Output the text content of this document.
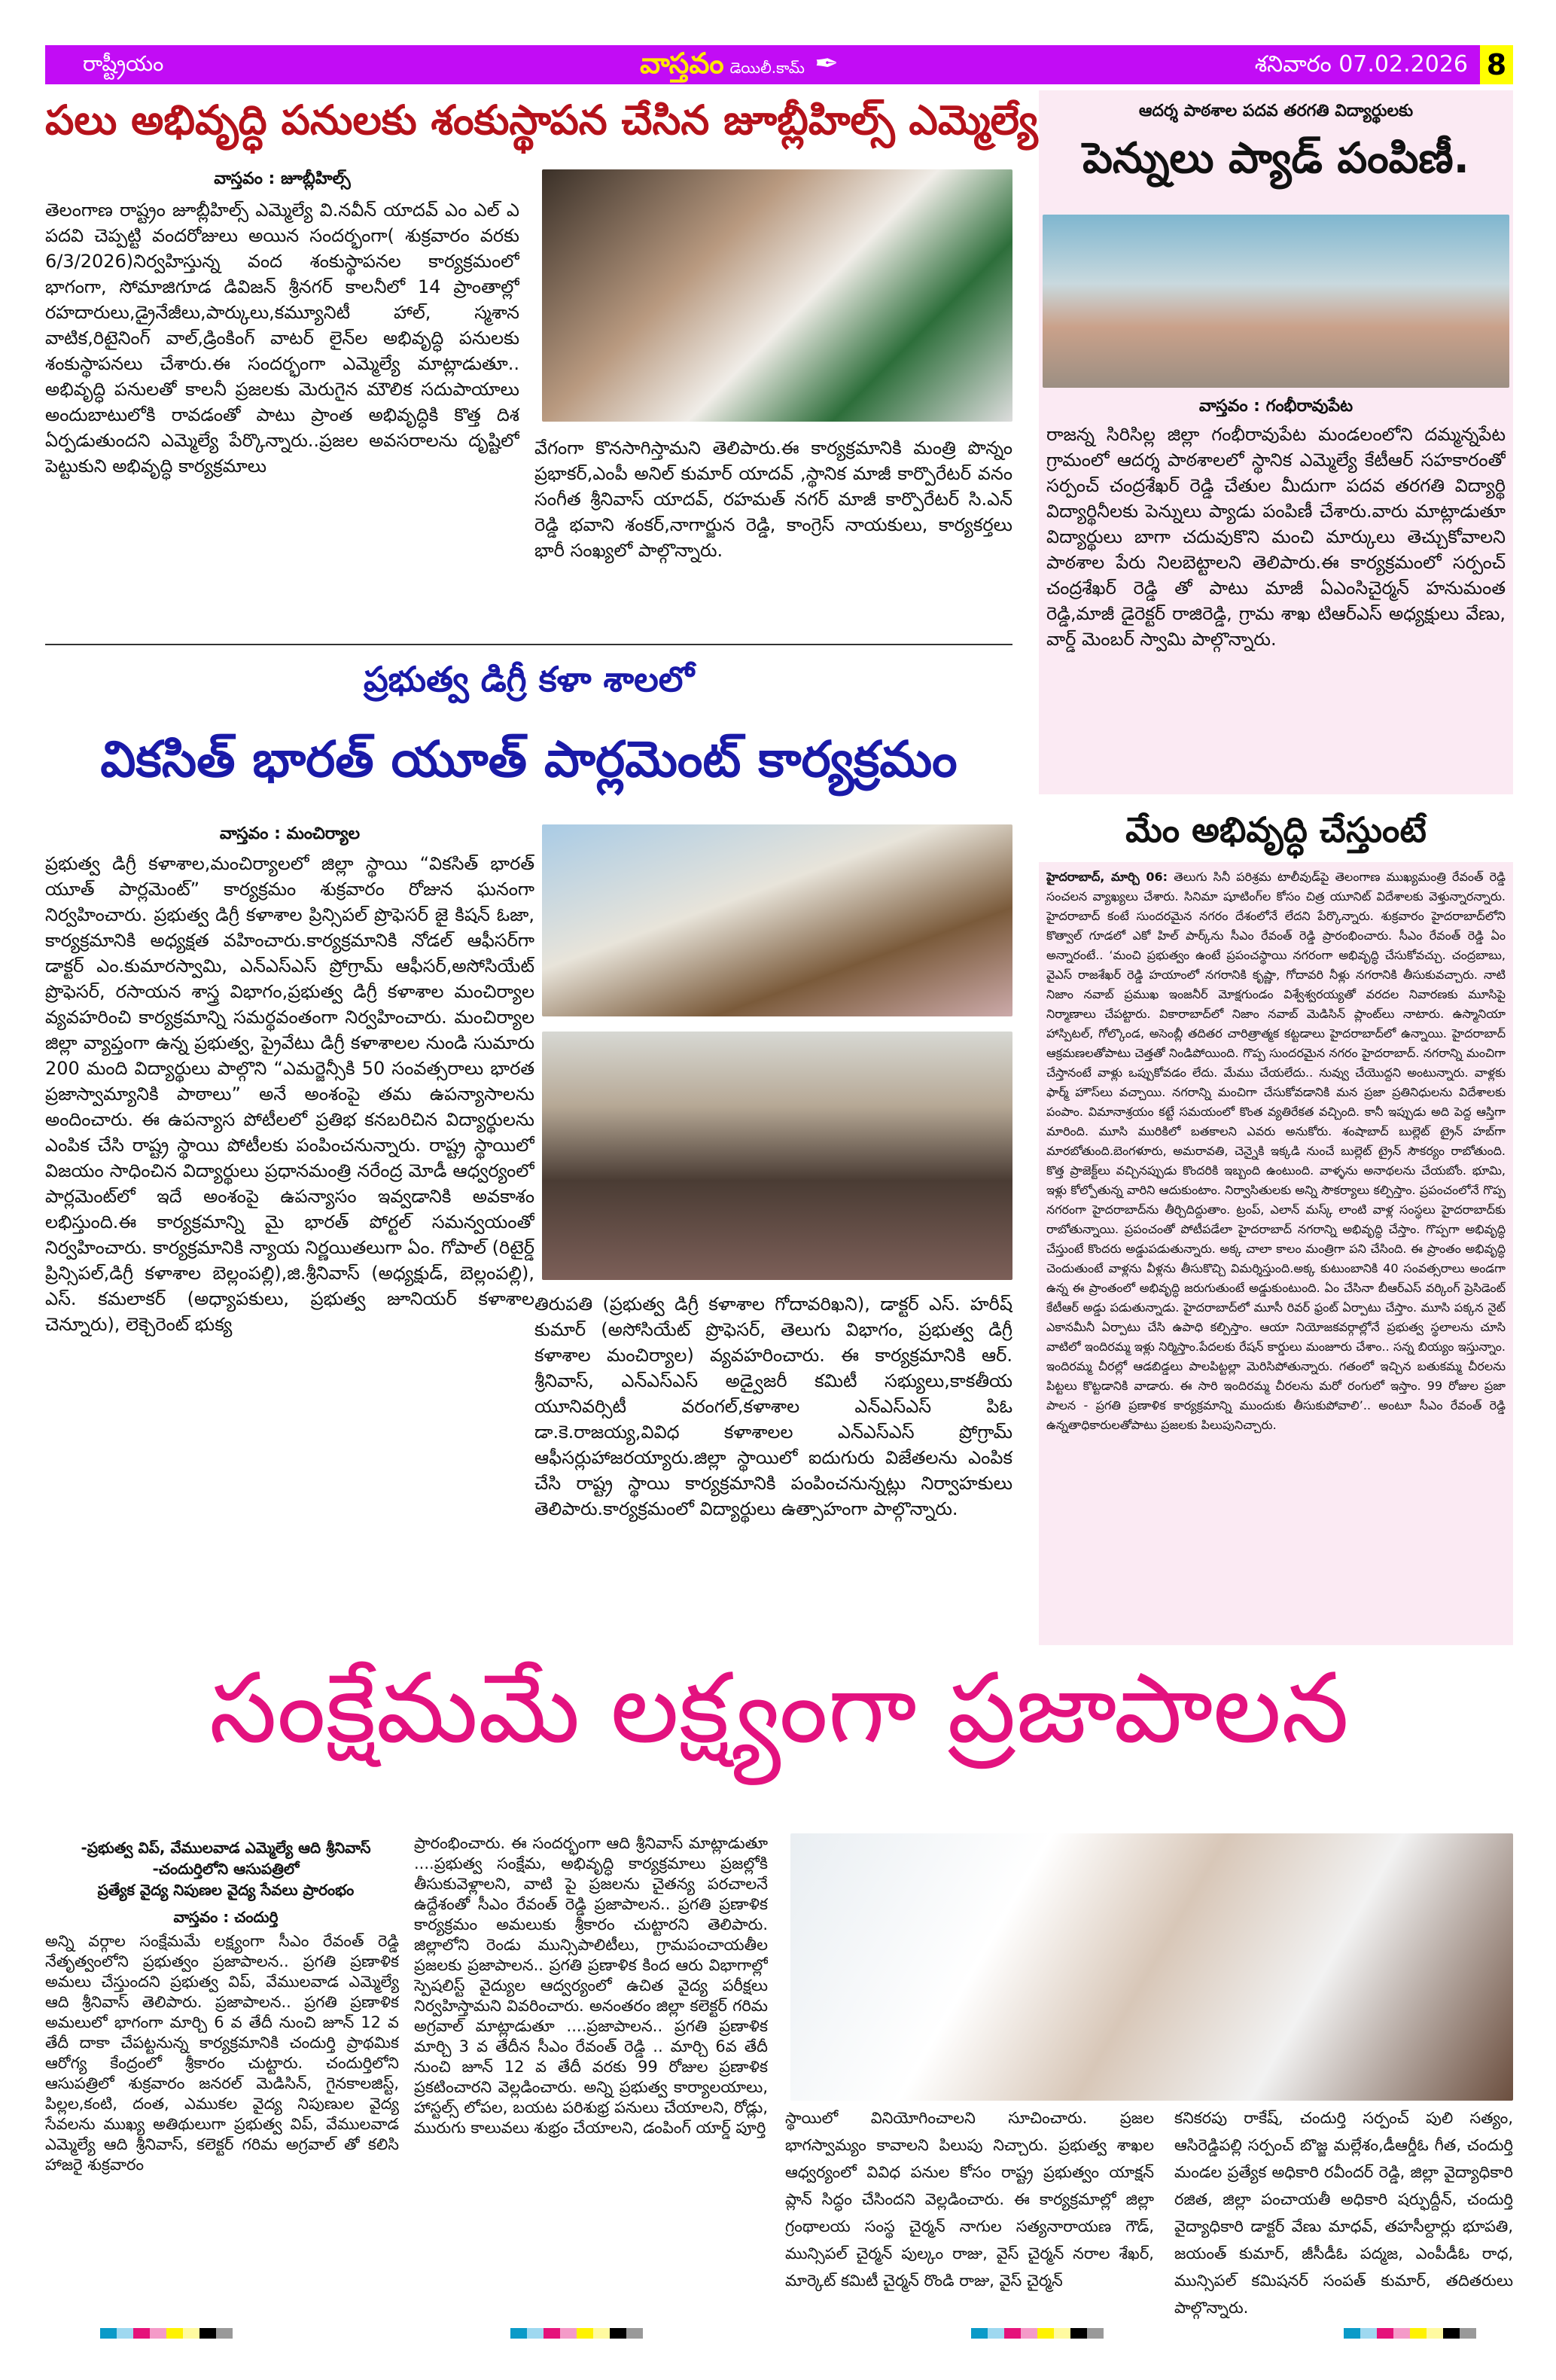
రాష్ట్రీయం	వాస్తవం డెయిలీ.కామ్ ✒	శనివారం 07.02.2026 8
పలు అభివృద్ధి పనులకు శంకుస్థాపన చేసిన జూబ్లీహిల్స్ ఎమ్మెల్యే
వాస్తవం : జూబ్లీహిల్స్
తెలంగాణ రాష్ట్రం జూబ్లీహిల్స్ ఎమ్మెల్యే వి.నవీన్ యాదవ్ ఎం ఎల్ ఎ పదవి చెప్పట్టి వందరోజులు అయిన సందర్భంగా( శుక్రవారం వరకు 6/3/2026)నిర్వహిస్తున్న వంద శంకుస్థాపనల కార్యక్రమంలో భాగంగా, సోమాజిగూడ డివిజన్ శ్రీనగర్ కాలనీలో 14 ప్రాంతాల్లో రహదారులు,డ్రైనేజీలు,పార్కులు,కమ్యూనిటీ హాల్, స్మశాన వాటిక,రిటైనింగ్ వాల్,డ్రింకింగ్ వాటర్ లైన్‌ల అభివృద్ధి పనులకు శంకుస్థాపనలు చేశారు.ఈ సందర్భంగా ఎమ్మెల్యే మాట్లాడుతూ.. అభివృద్ధి పనులతో కాలనీ ప్రజలకు మెరుగైన మౌలిక సదుపాయాలు అందుబాటులోకి రావడంతో పాటు ప్రాంత అభివృద్ధికి కొత్త దిశ ఏర్పడుతుందని ఎమ్మెల్యే పేర్కొన్నారు..ప్రజల అవసరాలను దృష్టిలో పెట్టుకుని అభివృద్ధి కార్యక్రమాలు
వేగంగా కొనసాగిస్తామని తెలిపారు.ఈ కార్యక్రమానికి మంత్రి పొన్నం ప్రభాకర్,ఎంపీ అనిల్ కుమార్ యాదవ్ ,స్థానిక మాజీ కార్పొరేటర్ వనం సంగీత శ్రీనివాస్ యాదవ్, రహమత్ నగర్ మాజీ కార్పొరేటర్ సి.ఎన్ రెడ్డి భవాని శంకర్,నాగార్జున రెడ్డి, కాంగ్రెస్ నాయకులు, కార్యకర్తలు భారీ సంఖ్యలో పాల్గొన్నారు.
ఆదర్శ పాఠశాల పదవ తరగతి విద్యార్థులకు
పెన్నులు ప్యాడ్ పంపిణీ.
వాస్తవం : గంభీరావుపేట
రాజన్న సిరిసిల్ల జిల్లా గంభీరావుపేట మండలంలోని దమ్మన్నపేట గ్రామంలో ఆదర్శ పాఠశాలలో స్థానిక ఎమ్మెల్యే కేటీఆర్ సహకారంతో సర్పంచ్ చంద్రశేఖర్ రెడ్డి చేతుల మీదుగా పదవ తరగతి విద్యార్థి విద్యార్థినీలకు పెన్నులు ప్యాడు పంపిణీ చేశారు.వారు మాట్లాడుతూ విద్యార్థులు బాగా చదువుకొని మంచి మార్కులు తెచ్చుకోవాలని పాఠశాల పేరు నిలబెట్టాలని తెలిపారు.ఈ కార్యక్రమంలో సర్పంచ్ చంద్రశేఖర్ రెడ్డి తో పాటు మాజీ ఏఎంసిచైర్మన్ హనుమంత రెడ్డి,మాజీ డైరెక్టర్ రాజిరెడ్డి, గ్రామ శాఖ టిఆర్ఎస్ అధ్యక్షులు వేణు, వార్డ్ మెంబర్ స్వామి పాల్గొన్నారు.
ప్రభుత్వ డిగ్రీ కళా శాలలో
వికసిత్ భారత్ యూత్ పార్లమెంట్ కార్యక్రమం
వాస్తవం : మంచిర్యాల
ప్రభుత్వ డిగ్రీ కళాశాల,మంచిర్యాలలో జిల్లా స్థాయి “వికసిత్ భారత్ యూత్ పార్లమెంట్” కార్యక్రమం శుక్రవారం రోజున ఘనంగా నిర్వహించారు. ప్రభుత్వ డిగ్రీ కళాశాల ప్రిన్సిపల్ ప్రొఫెసర్ జై కిషన్ ఓజా, కార్యక్రమానికి అధ్యక్షత వహించారు.కార్యక్రమానికి నోడల్ ఆఫీసర్‌గా డాక్టర్ ఎం.కుమారస్వామి, ఎన్ఎస్ఎస్ ప్రోగ్రామ్ ఆఫీసర్,అసోసియేట్ ప్రొఫెసర్, రసాయన శాస్త్ర విభాగం,ప్రభుత్వ డిగ్రీ కళాశాల మంచిర్యాల వ్యవహరించి కార్యక్రమాన్ని సమర్థవంతంగా నిర్వహించారు. మంచిర్యాల జిల్లా వ్యాప్తంగా ఉన్న ప్రభుత్వ, ప్రైవేటు డిగ్రీ కళాశాలల నుండి సుమారు 200 మంది విద్యార్థులు పాల్గొని “ఎమర్జెన్సీకి 50 సంవత్సరాలు భారత ప్రజాస్వామ్యానికి పాఠాలు” అనే అంశంపై తమ ఉపన్యాసాలను అందించారు. ఈ ఉపన్యాస పోటీలలో ప్రతిభ కనబరిచిన విద్యార్థులను ఎంపిక చేసి రాష్ట్ర స్థాయి పోటీలకు పంపించనున్నారు. రాష్ట్ర స్థాయిలో విజయం సాధించిన విద్యార్థులు ప్రధానమంత్రి నరేంద్ర మోడీ ఆధ్వర్యంలో పార్లమెంట్‌లో ఇదే అంశంపై ఉపన్యాసం ఇవ్వడానికి అవకాశం లభిస్తుంది.ఈ కార్యక్రమాన్ని మై భారత్ పోర్టల్ సమన్వయంతో నిర్వహించారు. కార్యక్రమానికి న్యాయ నిర్ణయితలుగా ఏం. గోపాల్ (రిటైర్డ్ ప్రిన్సిపల్,డిగ్రీ కళాశాల బెల్లంపల్లి),జి.శ్రీనివాస్ (అధ్యక్షుడ్, బెల్లంపల్లి), ఎస్. కమలాకర్ (అధ్యాపకులు, ప్రభుత్వ జూనియర్ కళాశాల చెన్నూరు), లెక్చెరెంట్ భుక్య
తిరుపతి (ప్రభుత్వ డిగ్రీ కళాశాల గోదావరిఖని), డాక్టర్ ఎస్. హరీష్ కుమార్ (అసోసియేట్ ప్రొఫెసర్, తెలుగు విభాగం, ప్రభుత్వ డిగ్రీ కళాశాల మంచిర్యాల) వ్యవహరించారు. ఈ కార్యక్రమానికి ఆర్. శ్రీనివాస్, ఎన్ఎస్ఎస్ అడ్వైజరీ కమిటీ సభ్యులు,కాకతీయ యూనివర్సిటీ వరంగల్,కళాశాల ఎన్ఎస్ఎస్ పిఓ డా.కె.రాజయ్య,వివిధ కళాశాలల ఎన్ఎస్ఎస్ ప్రోగ్రామ్ ఆఫీసర్లుహాజరయ్యారు.జిల్లా స్థాయిలో ఐదుగురు విజేతలను ఎంపిక చేసి రాష్ట్ర స్థాయి కార్యక్రమానికి పంపించనున్నట్లు నిర్వాహకులు తెలిపారు.కార్యక్రమంలో విద్యార్థులు ఉత్సాహంగా పాల్గొన్నారు.
మేం అభివృద్ధి చేస్తుంటే
హైదరాబాద్, మార్చి 06: తెలుగు సినీ పరిశ్రమ టాలీవుడ్‌పై తెలంగాణ ముఖ్యమంత్రి రేవంత్ రెడ్డి సంచలన వ్యాఖ్యలు చేశారు. సినిమా షూటింగ్‌ల కోసం చిత్ర యూనిట్ విదేశాలకు వెళ్తున్నారన్నారు. హైదరాబాద్ కంటే సుందరమైన నగరం దేశంలోనే లేదని పేర్కొన్నారు. శుక్రవారం హైదరాబాద్‌లోని కొత్వాల్ గూడలో ఎకో హిల్ పార్క్‌ను సీఎం రేవంత్ రెడ్డి ప్రారంభించారు. సీఎం రేవంత్ రెడ్డి ఏం అన్నారంటే.. ‘మంచి ప్రభుత్వం ఉంటే ప్రపంచస్థాయి నగరంగా అభివృద్ధి చేసుకోవచ్చు. చంద్రబాబు, వైఎస్ రాజశేఖర్ రెడ్డి హయాంలో నగరానికి కృష్ణా, గోదావరి నీళ్లు నగరానికి తీసుకువచ్చారు. నాటి నిజాం నవాబ్ ప్రముఖ ఇంజనీర్ మోక్షగుండం విశ్వేశ్వరయ్యతో వరదల నివారణకు మూసిపై నిర్మాణాలు చేపట్టారు. వికారాబాద్‌లో నిజాం నవాబ్ మెడిసిన్ ప్లాంట్‌లు నాటారు. ఉస్మానియా హాస్పిటల్, గోల్కొండ, అసెంబ్లీ తదితర చారిత్రాత్మక కట్టడాలు హైదరాబాద్‌లో ఉన్నాయి. హైదరాబాద్ ఆక్రమణలతోపాటు చెత్తతో నిండిపోయింది. గొప్ప సుందరమైన నగరం హైదరాబాద్. నగరాన్ని మంచిగా చేస్తానంటే వాళ్లు ఒప్పుకోవడం లేదు. మేము చేయలేదు.. నువ్వు చేయొద్దని అంటున్నారు. వాళ్లకు ఫార్మ్ హౌస్‌లు వచ్చాయి. నగరాన్ని మంచిగా చేసుకోవడానికి మన ప్రజా ప్రతినిధులను విదేశాలకు పంపాం. విమానాశ్రయం కట్టే సమయంలో కొంత వ్యతిరేకత వచ్చింది. కానీ ఇప్పుడు అది పెద్ద ఆస్తిగా మారింది. మూసి మురికిలో బతకాలని ఎవరు అనుకోరు. శంషాబాద్ బుల్లెట్ ట్రైన్ హబ్‌గా మారబోతుంది.బెంగళూరు, అమరావతి, చెన్నైకి ఇక్కడి నుంచే బుల్లెట్ ట్రైన్ సౌకర్యం రాబోతుంది. కొత్త ప్రాజెక్ట్‌లు వచ్చినప్పుడు కొందరికి ఇబ్బంది ఉంటుంది. వాళ్ళను అనాథలను చేయబోం. భూమి, ఇళ్లు కోల్పోతున్న వారిని ఆదుకుంటాం. నిర్వాసితులకు అన్ని సౌకర్యాలు కల్పిస్తాం. ప్రపంచంలోనే గొప్ప నగరంగా హైదరాబాద్‌ను తీర్చిదిద్దుతాం. ట్రంప్, ఎలాన్ మస్క్ లాంటి వాళ్ల సంస్థలు హైదరాబాద్‌కు రాబోతున్నాయి. ప్రపంచంతో పోటీపడేలా హైదరాబాద్ నగరాన్ని అభివృద్ధి చేస్తాం. గొప్పగా అభివృద్ధి చేస్తుంటే కొందరు అడ్డుపడుతున్నారు. అక్క చాలా కాలం మంత్రిగా పని చేసింది. ఈ ప్రాంతం అభివృద్ధి చెందుతుంటే వాళ్లను వీళ్లను తీసుకొచ్చి విమర్శిస్తుంది.అక్క కుటుంబానికి 40 సంవత్సరాలు అండగా ఉన్న ఈ ప్రాంతంలో అభివృద్ధి జరుగుతుంటే అడ్డుకుంటుంది. ఏం చేసినా బీఆర్ఎస్ వర్కింగ్ ప్రెసిడెంట్ కేటీఆర్ అడ్డు పడుతున్నాడు. హైదరాబాద్‌లో మూసీ రివర్ ఫ్రంట్ ఏర్పాటు చేస్తాం. మూసి పక్కన నైట్ ఎకానమీనీ ఏర్పాటు చేసి ఉపాధి కల్పిస్తాం. ఆయా నియోజకవర్గాల్లోనే ప్రభుత్వ స్థలాలను చూసి వాటిలో ఇందిరమ్మ ఇళ్లు నిర్మిస్తాం.పేదలకు రేషన్ కార్డులు మంజూరు చేశాం.. సన్న బియ్యం ఇస్తున్నాం. ఇందిరమ్మ చీరల్లో ఆడబిడ్డలు పాలపిట్టల్లా మెరిసిపోతున్నారు. గతంలో ఇచ్చిన బతుకమ్మ చీరలను పిట్టలు కొట్టడానికి వాడారు. ఈ సారి ఇందిరమ్మ చీరలను మరో రంగులో ఇస్తాం. 99 రోజుల ప్రజా పాలన - ప్రగతి ప్రణాళిక కార్యక్రమాన్ని ముందుకు తీసుకుపోవాలి’.. అంటూ సీఎం రేవంత్ రెడ్డి ఉన్నతాధికారులతోపాటు ప్రజలకు పిలుపునిచ్చారు.
సంక్షేమమే లక్ష్యంగా ప్రజాపాలన
-ప్రభుత్వ విప్, వేములవాడ ఎమ్మెల్యే ఆది శ్రీనివాస్
-చందుర్తిలోని ఆసుపత్రిలో
ప్రత్యేక వైద్య నిపుణల వైద్య సేవలు ప్రారంభం
వాస్తవం : చందుర్తి
అన్ని వర్గాల సంక్షేమమే లక్ష్యంగా సీఎం రేవంత్ రెడ్డి నేతృత్వంలోని ప్రభుత్వం ప్రజాపాలన.. ప్రగతి ప్రణాళిక అమలు చేస్తుందని ప్రభుత్వ విప్, వేములవాడ ఎమ్మెల్యే ఆది శ్రీనివాస్ తెలిపారు. ప్రజాపాలన.. ప్రగతి ప్రణాళిక అమలులో భాగంగా మార్చి 6 వ తేదీ నుంచి జూన్ 12 వ తేదీ దాకా చేపట్టనున్న కార్యక్రమానికి చందుర్తి ప్రాథమిక ఆరోగ్య కేంద్రంలో శ్రీకారం చుట్టారు. చందుర్తిలోని ఆసుపత్రిలో శుక్రవారం జనరల్ మెడిసిన్, గైనకాలజిస్ట్, పిల్లల,కంటి, దంత, ఎముకల వైద్య నిపుణుల వైద్య సేవలను ముఖ్య అతిథులుగా ప్రభుత్వ విప్, వేములవాడ ఎమ్మెల్యే ఆది శ్రీనివాస్, కలెక్టర్ గరిమ అగ్రవాల్ తో కలిసి హాజరై శుక్రవారం
ప్రారంభించారు. ఈ సందర్భంగా ఆది శ్రీనివాస్ మాట్లాడుతూ ....ప్రభుత్వ సంక్షేమ, అభివృద్ధి కార్యక్రమాలు ప్రజల్లోకి తీసుకువెళ్లాలని, వాటి పై ప్రజలను చైతన్య పరచాలనే ఉద్దేశంతో సీఎం రేవంత్ రెడ్డి ప్రజాపాలన.. ప్రగతి ప్రణాళిక కార్యక్రమం అమలుకు శ్రీకారం చుట్టారని తెలిపారు. జిల్లాలోని రెండు మున్సిపాలిటీలు, గ్రామపంచాయతీల ప్రజలకు ప్రజాపాలన.. ప్రగతి ప్రణాళిక కింద ఆరు విభాగాల్లో స్పెషలిస్ట్ వైద్యుల ఆద్వర్యంలో ఉచిత వైద్య పరీక్షలు నిర్వహిస్తామని వివరించారు. అనంతరం జిల్లా కలెక్టర్ గరిమ అగ్రవాల్ మాట్లాడుతూ ....ప్రజాపాలన.. ప్రగతి ప్రణాళిక మార్చి 3 వ తేదీన సీఎం రేవంత్ రెడ్డి .. మార్చి 6వ తేదీ నుంచి జూన్ 12 వ తేదీ వరకు 99 రోజుల ప్రణాళిక ప్రకటించారని వెల్లడించారు. అన్ని ప్రభుత్వ కార్యాలయాలు, హాస్టల్స్ లోపల, బయట పరిశుభ్ర పనులు చేయాలని, రోడ్లు, మురుగు కాలువలు శుభ్రం చేయాలని, డంపింగ్ యార్డ్ పూర్తి
స్థాయిలో వినియోగించాలని సూచించారు. ప్రజల భాగస్వామ్యం కావాలని పిలుపు నిచ్చారు. ప్రభుత్వ శాఖల ఆధ్వర్యంలో వివిధ పనుల కోసం రాష్ట్ర ప్రభుత్వం యాక్షన్ ప్లాన్ సిద్ధం చేసిందని వెల్లడించారు. ఈ కార్యక్రమాల్లో జిల్లా గ్రంథాలయ సంస్థ చైర్మన్ నాగుల సత్యనారాయణ గౌడ్, మున్సిపల్ చైర్మన్ పుల్కం రాజు, వైస్ చైర్మన్ నరాల శేఖర్, మార్కెట్ కమిటీ చైర్మన్ రొండి రాజు, వైస్ చైర్మన్
కనికరపు రాకేష్, చందుర్తి సర్పంచ్ పులి సత్యం, ఆసిరెడ్డిపల్లి సర్పంచ్ బొజ్జ మల్లేశం,డీఆర్డీఓ గీత, చందుర్తి మండల ప్రత్యేక అధికారి రవీందర్ రెడ్డి, జిల్లా వైద్యాధికారి రజిత, జిల్లా పంచాయతీ అధికారి షర్ఫుద్దీన్, చందుర్తి వైద్యాధికారి డాక్టర్ వేణు మాధవ్, తహసీల్దార్లు భూపతి, జయంత్ కుమార్, జీసీడీఓ పద్మజ, ఎంపీడీఓ రాధ, మున్సిపల్ కమిషనర్ సంపత్ కుమార్, తదితరులు పాల్గొన్నారు.
